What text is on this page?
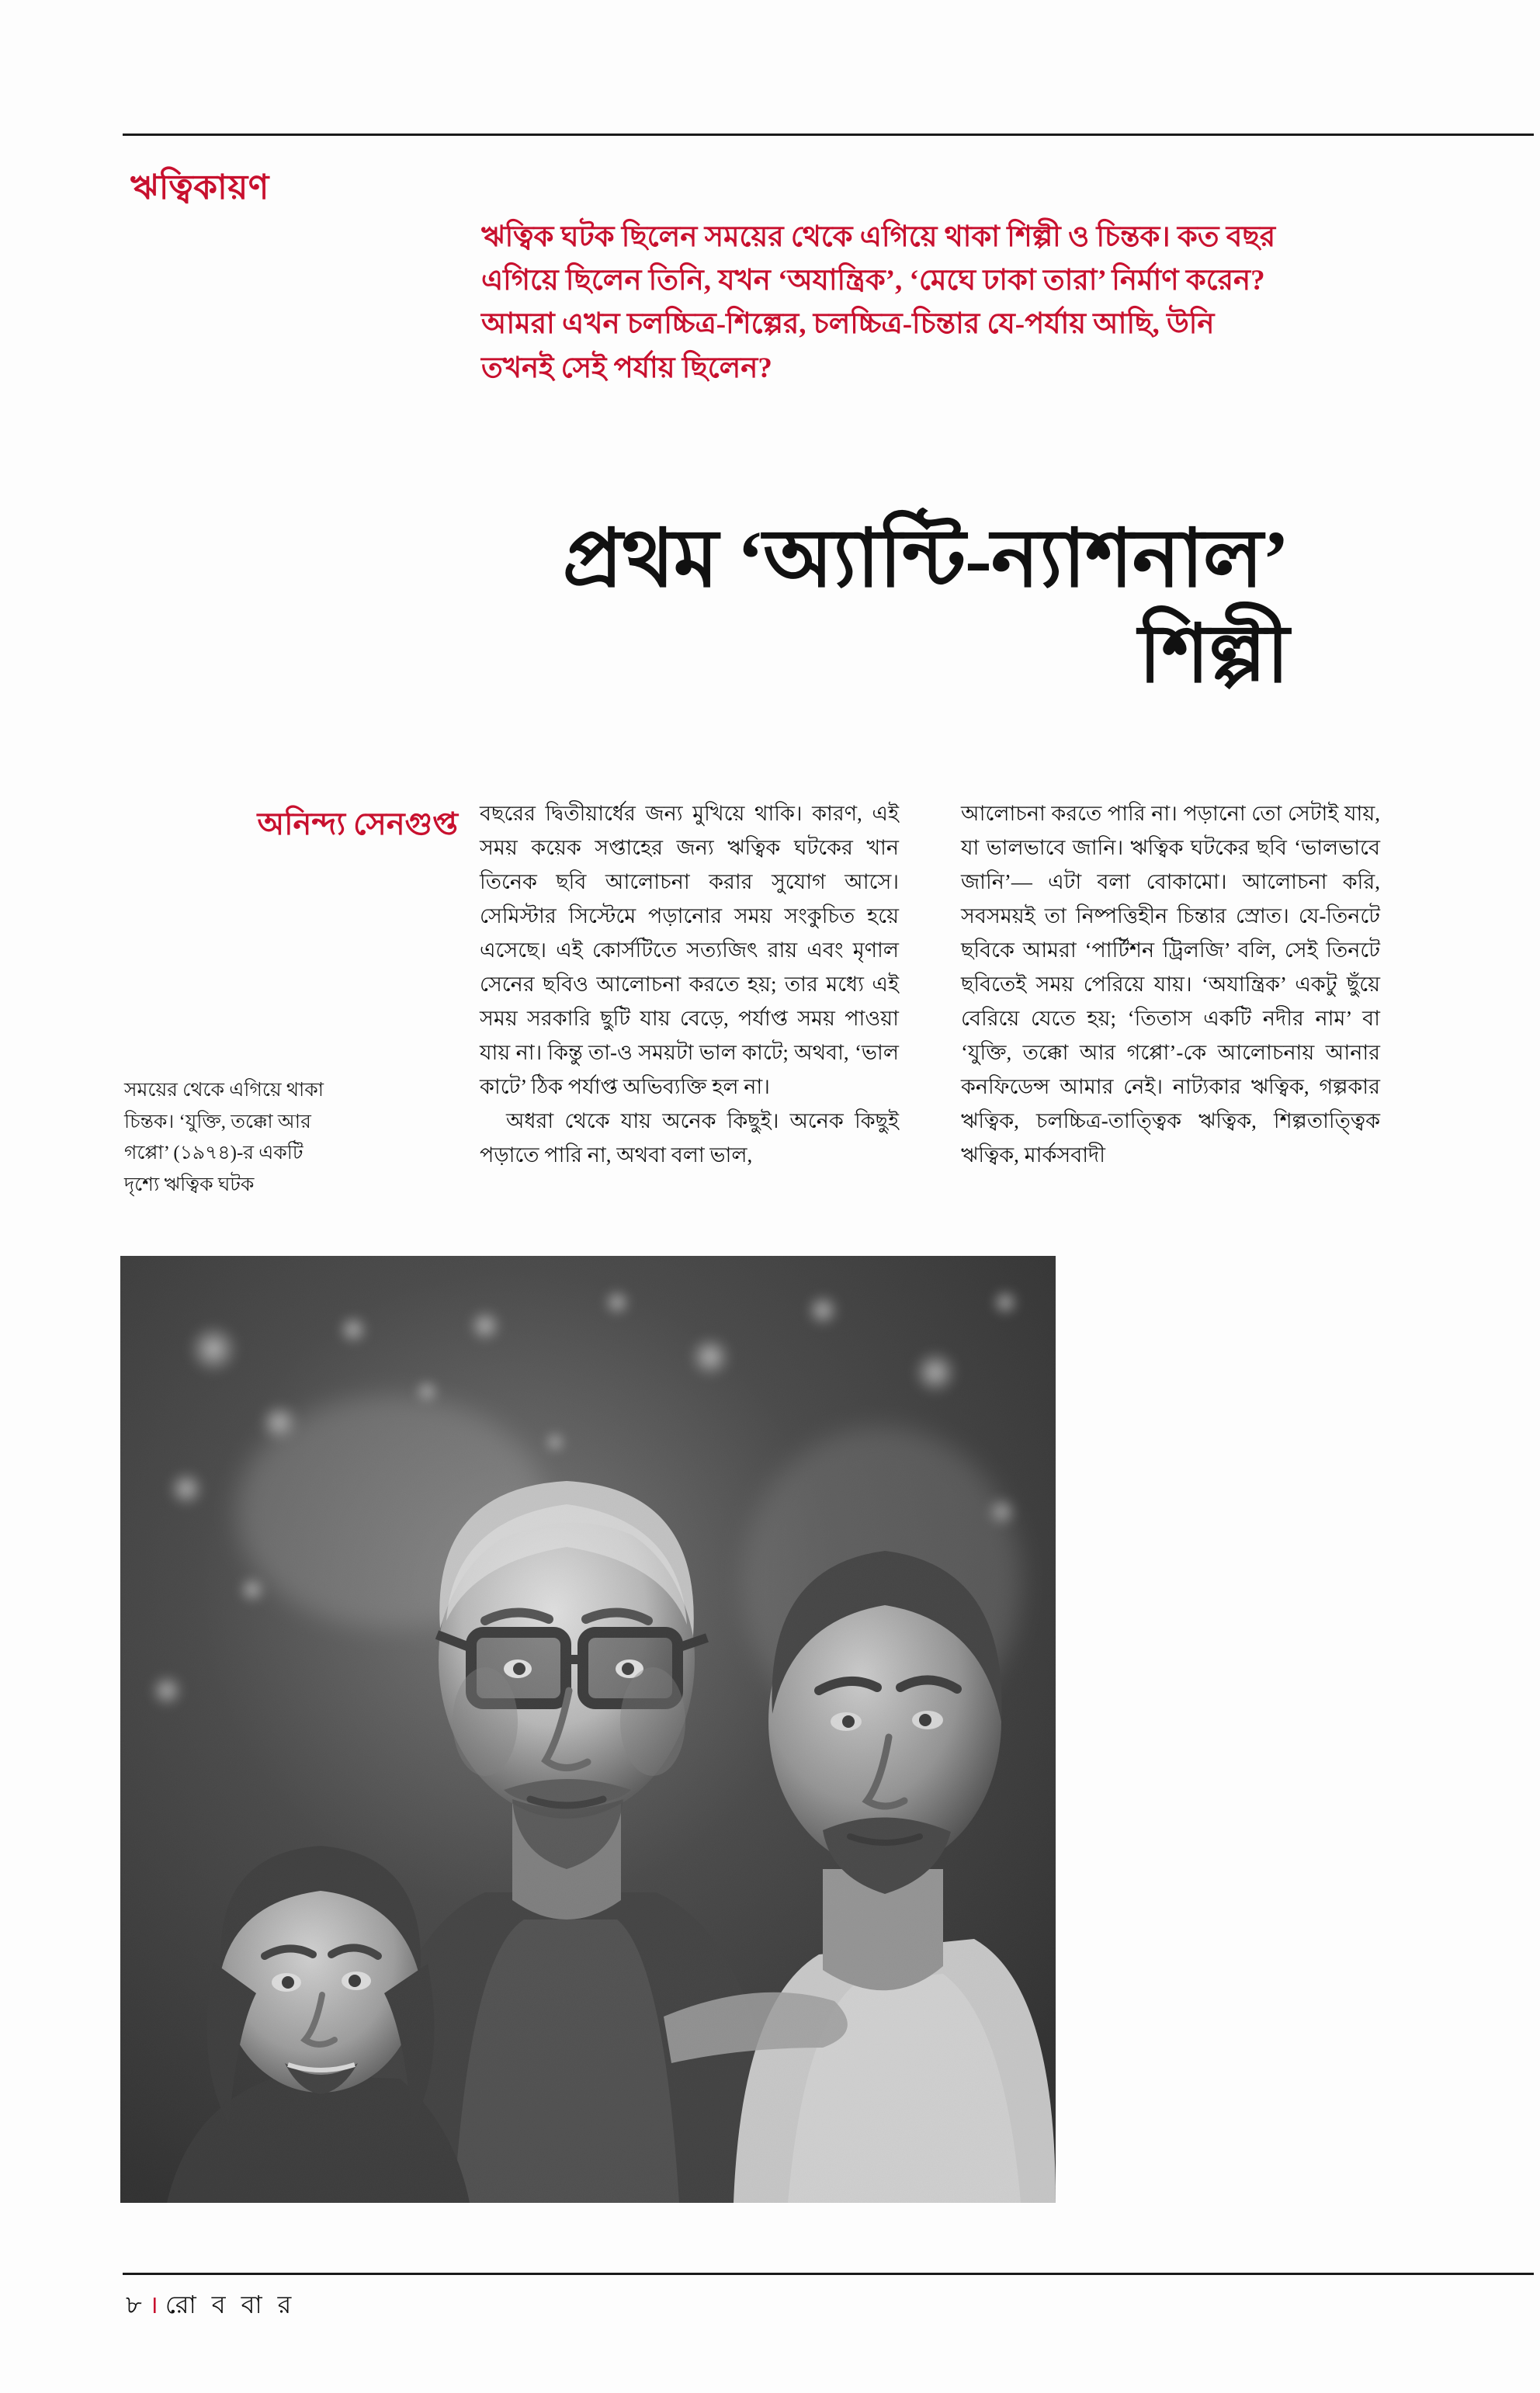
ঋত্বিকায়ণ
ঋত্বিক ঘটক ছিলেন সময়ের থেকে এগিয়ে থাকা শিল্পী ও চিন্তক। কত বছর এগিয়ে ছিলেন তিনি, যখন ‘অযান্ত্রিক’, ‘মেঘে ঢাকা তারা’ নির্মাণ করেন? আমরা এখন চলচ্চিত্র-শিল্পের, চলচ্চিত্র-চিন্তার যে-পর্যায় আছি, উনি তখনই সেই পর্যায় ছিলেন?
প্রথম ‘অ্যান্টি-ন্যাশনাল’ শিল্পী
অনিন্দ্য সেনগুপ্ত
সময়ের থেকে এগিয়ে থাকা চিন্তক। ‘যুক্তি, তক্কো আর গপ্পো’ (১৯৭৪)-র একটি দৃশ্যে ঋত্বিক ঘটক

বছরের দ্বিতীয়ার্ধের জন্য মুখিয়ে থাকি। কারণ, এই সময় কয়েক সপ্তাহের জন্য ঋত্বিক ঘটকের খান তিনেক ছবি আলোচনা করার সুযোগ আসে। সেমিস্টার সিস্টেমে পড়ানোর সময় সংকুচিত হয়ে এসেছে। এই কোর্সটিতে সত্যজিৎ রায় এবং মৃণাল সেনের ছবিও আলোচনা করতে হয়; তার মধ্যে এই সময় সরকারি ছুটি যায় বেড়ে, পর্যাপ্ত সময় পাওয়া যায় না। কিন্তু তা-ও সময়টা ভাল কাটে; অথবা, ‘ভাল কাটে’ ঠিক পর্যাপ্ত অভিব্যক্তি হল না।

অধরা থেকে যায় অনেক কিছুই। অনেক কিছুই পড়াতে পারি না, অথবা বলা ভাল,

আলোচনা করতে পারি না। পড়ানো তো সেটাই যায়, যা ভালভাবে জানি। ঋত্বিক ঘটকের ছবি ‘ভালভাবে জানি’— এটা বলা বোকামো। আলোচনা করি, সবসময়ই তা নিষ্পত্তিহীন চিন্তার স্রোত। যে-তিনটে ছবিকে আমরা ‘পার্টিশন ট্রিলজি’ বলি, সেই তিনটে ছবিতেই সময় পেরিয়ে যায়। ‘অযান্ত্রিক’ একটু ছুঁয়ে বেরিয়ে যেতে হয়; ‘তিতাস একটি নদীর নাম’ বা ‘যুক্তি, তক্কো আর গপ্পো’-কে আলোচনায় আনার কনফিডেন্স আমার নেই। নাট্যকার ঋত্বিক, গল্পকার ঋত্বিক, চলচ্চিত্র-তাত্ত্বিক ঋত্বিক, শিল্পতাত্ত্বিক ঋত্বিক, মার্কসবাদী

৮ । রো ব বা র
